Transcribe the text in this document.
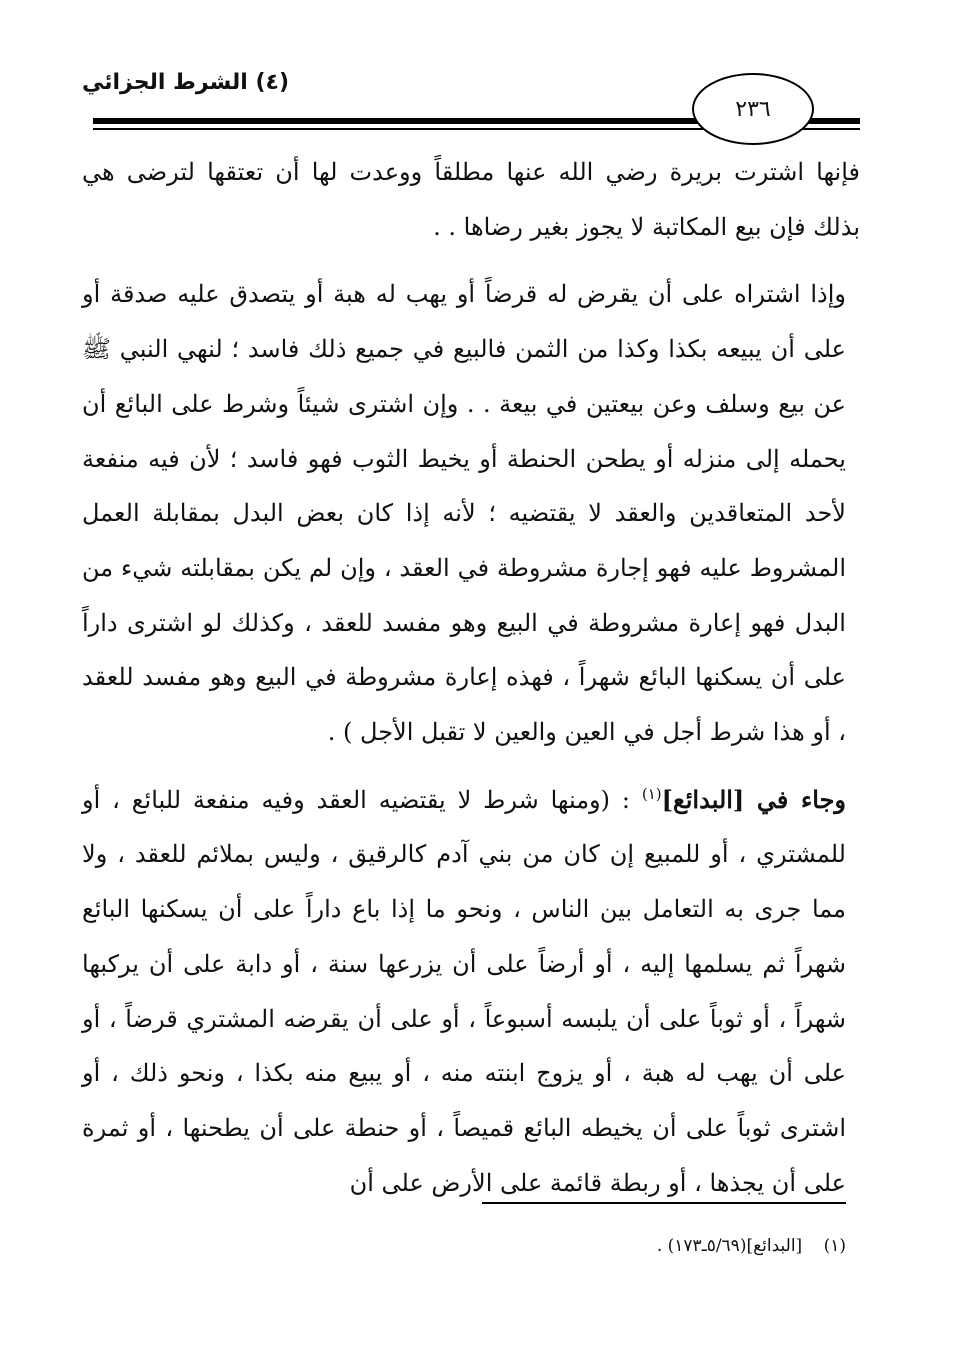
(٤) الشرط الجزائي
٢٣٦

فإنها اشترت بريرة رضي الله عنها مطلقاً ووعدت لها أن تعتقها لترضى هي بذلك فإن بيع المكاتبة لا يجوز بغير رضاها . .

وإذا اشتراه على أن يقرض له قرضاً أو يهب له هبة أو يتصدق عليه صدقة أو على أن يبيعه بكذا وكذا من الثمن فالبيع في جميع ذلك فاسد ؛ لنهي النبي ﷺ عن بيع وسلف وعن بيعتين في بيعة . . وإن اشترى شيئاً وشرط على البائع أن يحمله إلى منزله أو يطحن الحنطة أو يخيط الثوب فهو فاسد ؛ لأن فيه منفعة لأحد المتعاقدين والعقد لا يقتضيه ؛ لأنه إذا كان بعض البدل بمقابلة العمل المشروط عليه فهو إجارة مشروطة في العقد ، وإن لم يكن بمقابلته شيء من البدل فهو إعارة مشروطة في البيع وهو مفسد للعقد ، وكذلك لو اشترى داراً على أن يسكنها البائع شهراً ، فهذه إعارة مشروطة في البيع وهو مفسد للعقد ، أو هذا شرط أجل في العين والعين لا تقبل الأجل ) .

وجاء في [البدائع]$^{(١)}$ : (ومنها شرط لا يقتضيه العقد وفيه منفعة للبائع ، أو للمشتري ، أو للمبيع إن كان من بني آدم كالرقيق ، وليس بملائم للعقد ، ولا مما جرى به التعامل بين الناس ، ونحو ما إذا باع داراً على أن يسكنها البائع شهراً ثم يسلمها إليه ، أو أرضاً على أن يزرعها سنة ، أو دابة على أن يركبها شهراً ، أو ثوباً على أن يلبسه أسبوعاً ، أو على أن يقرضه المشتري قرضاً ، أو على أن يهب له هبة ، أو يزوج ابنته منه ، أو يبيع منه بكذا ، ونحو ذلك ، أو اشترى ثوباً على أن يخيطه البائع قميصاً ، أو حنطة على أن يطحنها ، أو ثمرة على أن يجذها ، أو ربطة قائمة على الأرض على أن

(١) [البدائع](٥/٦٩ـ١٧٣) .
